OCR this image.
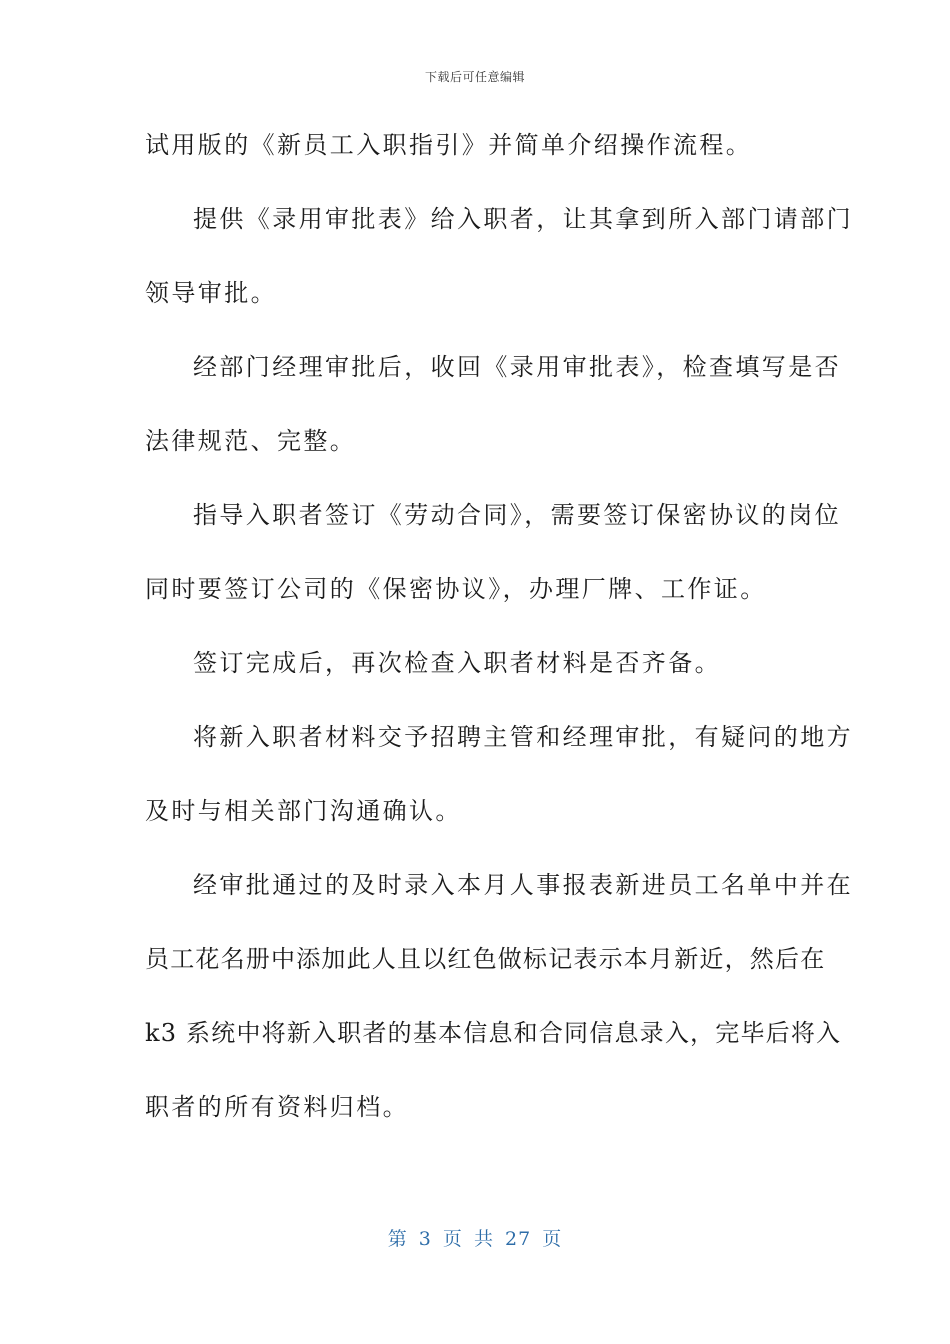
下载后可任意编辑
试用版的《新员工入职指引》并简单介绍操作流程。
提供《录用审批表》给入职者，让其拿到所入部门请部门
领导审批。
经部门经理审批后，收回《录用审批表》，检查填写是否
法律规范、完整。
指导入职者签订《劳动合同》，需要签订保密协议的岗位
同时要签订公司的《保密协议》，办理厂牌、工作证。
签订完成后，再次检查入职者材料是否齐备。
将新入职者材料交予招聘主管和经理审批，有疑问的地方
及时与相关部门沟通确认。
经审批通过的及时录入本月人事报表新进员工名单中并在
员工花名册中添加此人且以红色做标记表示本月新近，然后在
k3 系统中将新入职者的基本信息和合同信息录入，完毕后将入
职者的所有资料归档。
第 3 页 共 27 页
